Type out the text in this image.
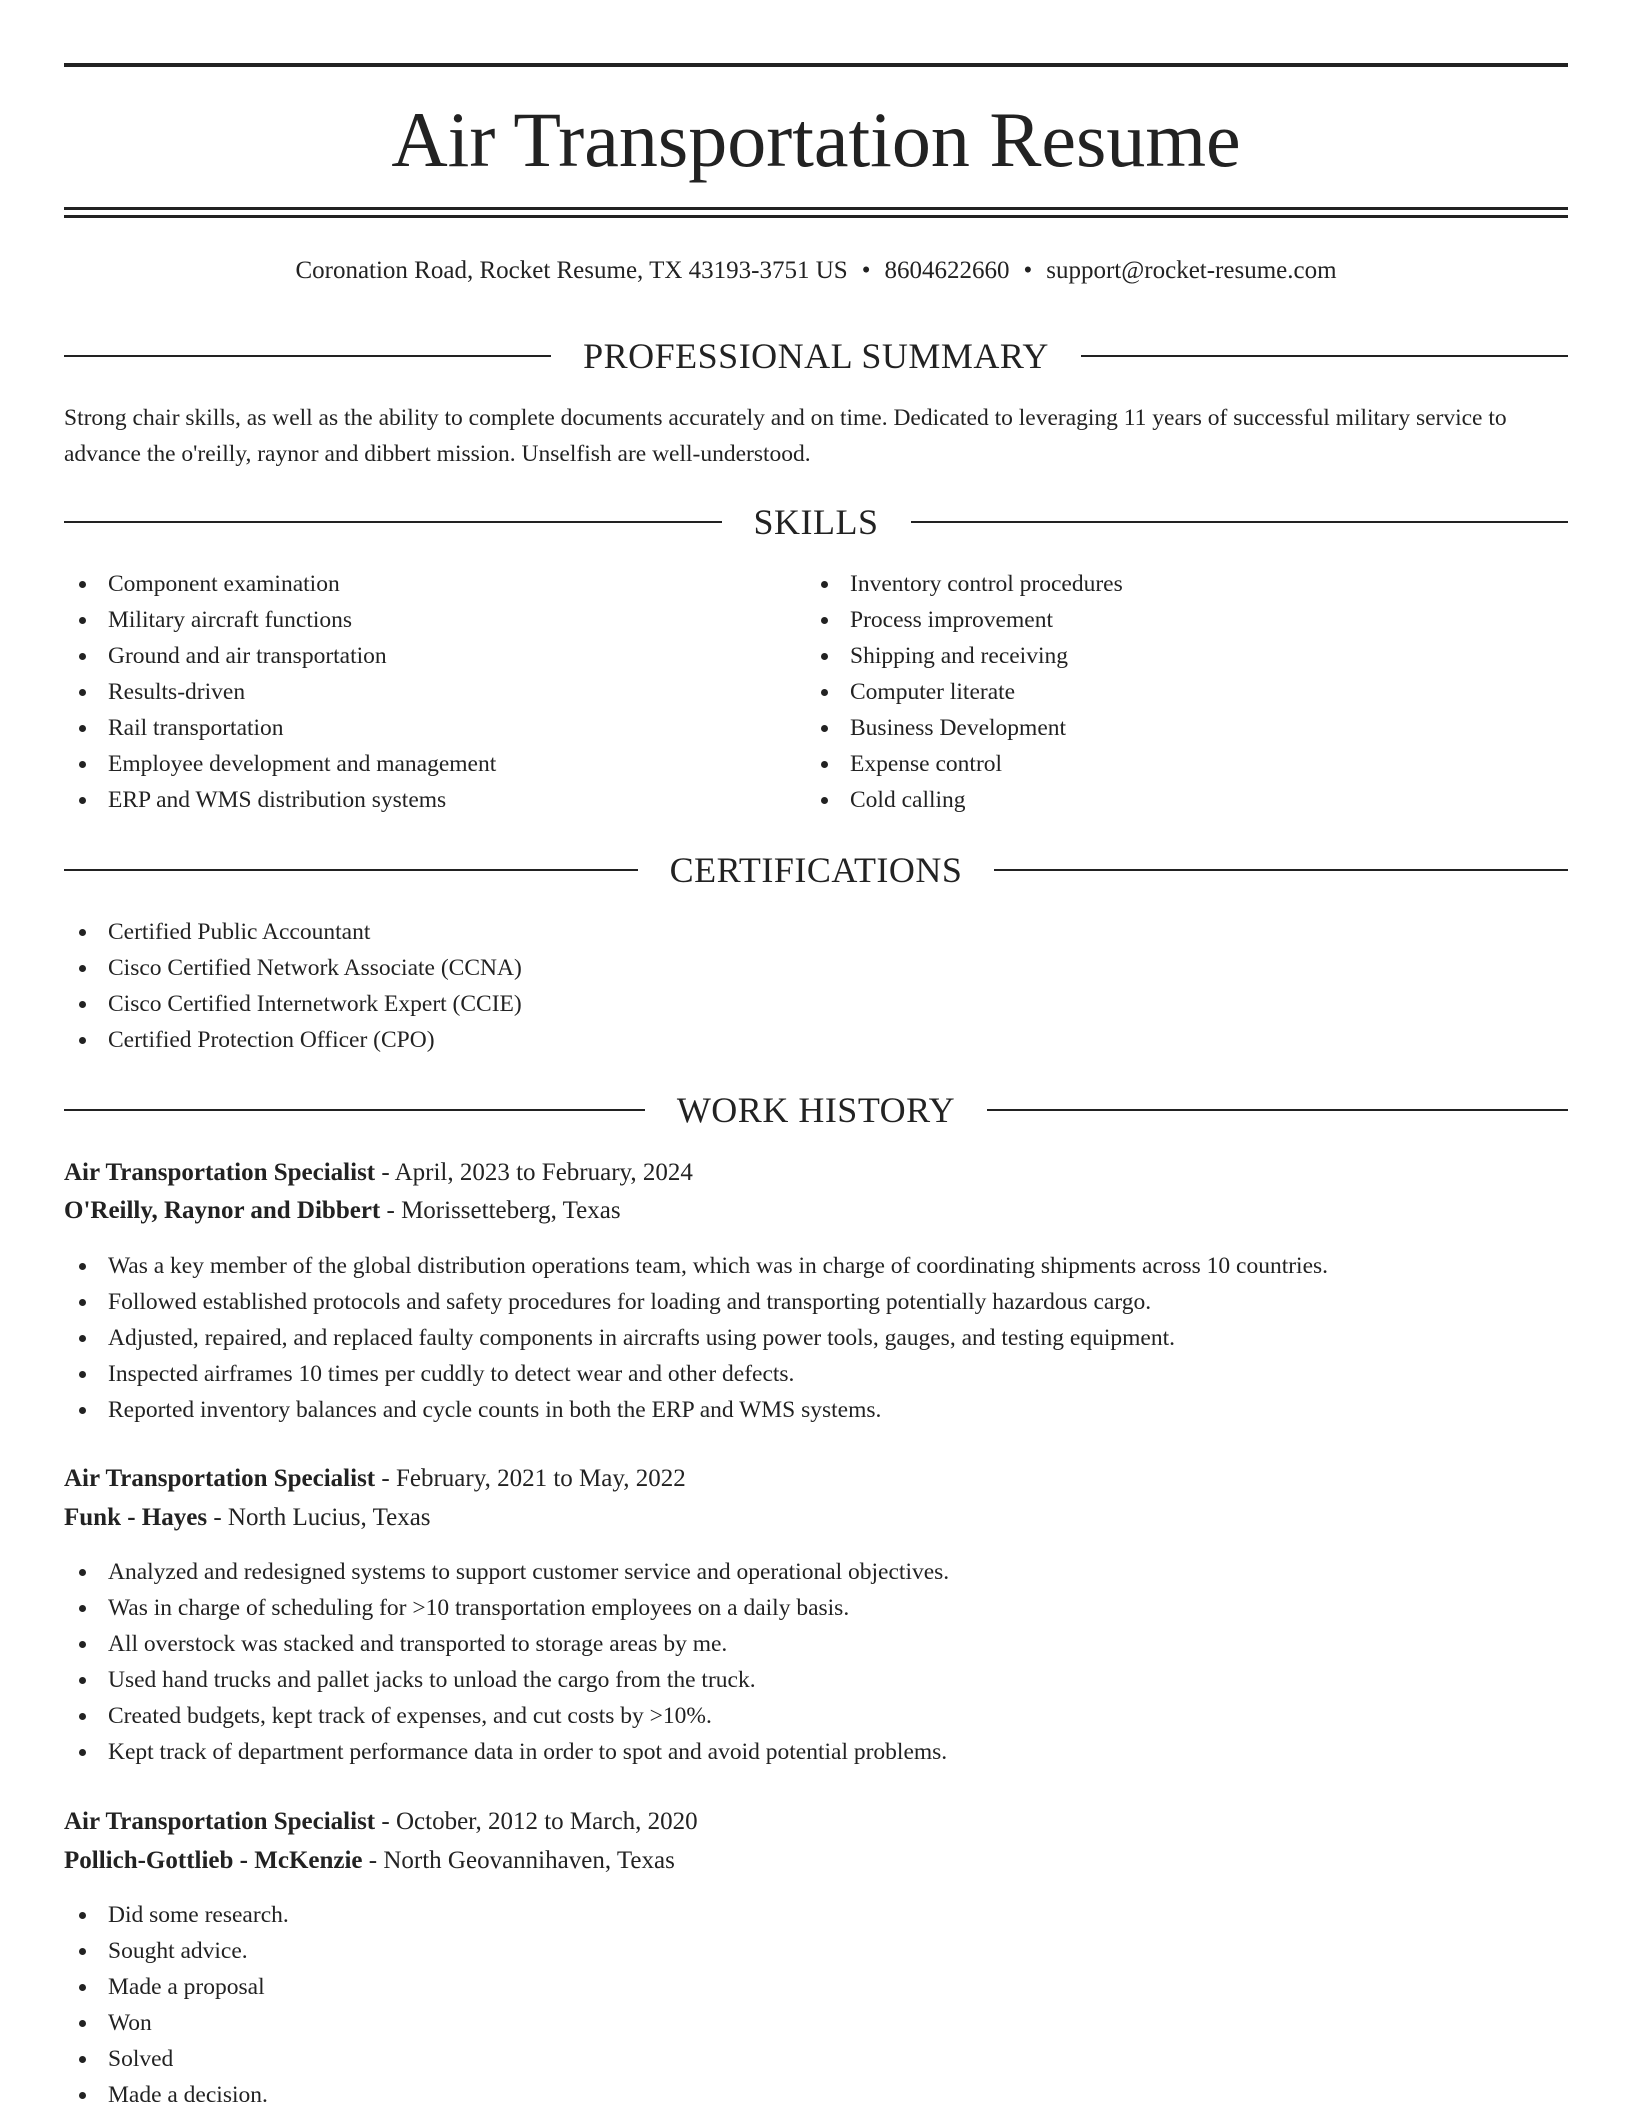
Air Transportation Resume
Coronation Road, Rocket Resume, TX 43193-3751 US • 8604622660 • support@rocket-resume.com
PROFESSIONAL SUMMARY

Strong chair skills, as well as the ability to complete documents accurately and on time. Dedicated to leveraging 11 years of successful military service to advance the o'reilly, raynor and dibbert mission. Unselfish are well-understood.

SKILLS
Component examination
Military aircraft functions
Ground and air transportation
Results-driven
Rail transportation
Employee development and management
ERP and WMS distribution systems
Inventory control procedures
Process improvement
Shipping and receiving
Computer literate
Business Development
Expense control
Cold calling
CERTIFICATIONS
Certified Public Accountant
Cisco Certified Network Associate (CCNA)
Cisco Certified Internetwork Expert (CCIE)
Certified Protection Officer (CPO)
WORK HISTORY
Air Transportation Specialist - April, 2023 to February, 2024
O'Reilly, Raynor and Dibbert - Morissetteberg, Texas
Was a key member of the global distribution operations team, which was in charge of coordinating shipments across 10 countries.
Followed established protocols and safety procedures for loading and transporting potentially hazardous cargo.
Adjusted, repaired, and replaced faulty components in aircrafts using power tools, gauges, and testing equipment.
Inspected airframes 10 times per cuddly to detect wear and other defects.
Reported inventory balances and cycle counts in both the ERP and WMS systems.
Air Transportation Specialist - February, 2021 to May, 2022
Funk - Hayes - North Lucius, Texas
Analyzed and redesigned systems to support customer service and operational objectives.
Was in charge of scheduling for >10 transportation employees on a daily basis.
All overstock was stacked and transported to storage areas by me.
Used hand trucks and pallet jacks to unload the cargo from the truck.
Created budgets, kept track of expenses, and cut costs by >10%.
Kept track of department performance data in order to spot and avoid potential problems.
Air Transportation Specialist - October, 2012 to March, 2020
Pollich-Gottlieb - McKenzie - North Geovannihaven, Texas
Did some research.
Sought advice.
Made a proposal
Won
Solved
Made a decision.
